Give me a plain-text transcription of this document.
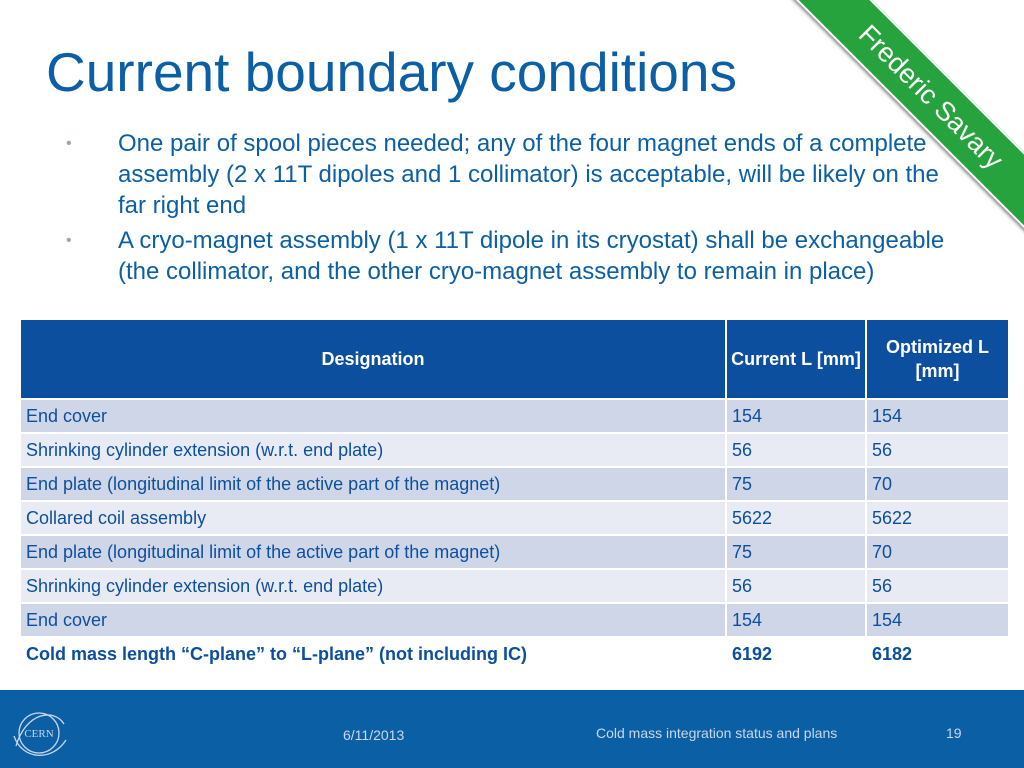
Current boundary conditions
• One pair of spool pieces needed; any of the four magnet ends of a complete assembly (2 x 11T dipoles and 1 collimator) is acceptable, will be likely on the far right end
• A cryo-magnet assembly (1 x 11T dipole in its cryostat) shall be exchangeable (the collimator, and the other cryo-magnet assembly to remain in place)
Designation	Current L [mm]	Optimized L [mm]
End cover	154	154
Shrinking cylinder extension (w.r.t. end plate)	56	56
End plate (longitudinal limit of the active part of the magnet)	75	70
Collared coil assembly	5622	5622
End plate (longitudinal limit of the active part of the magnet)	75	70
Shrinking cylinder extension (w.r.t. end plate)	56	56
End cover	154	154
Cold mass length “C-plane” to “L-plane” (not including IC)	6192	6182
CERN	6/11/2013	Cold mass integration status and plans	19
Frederic Savary
